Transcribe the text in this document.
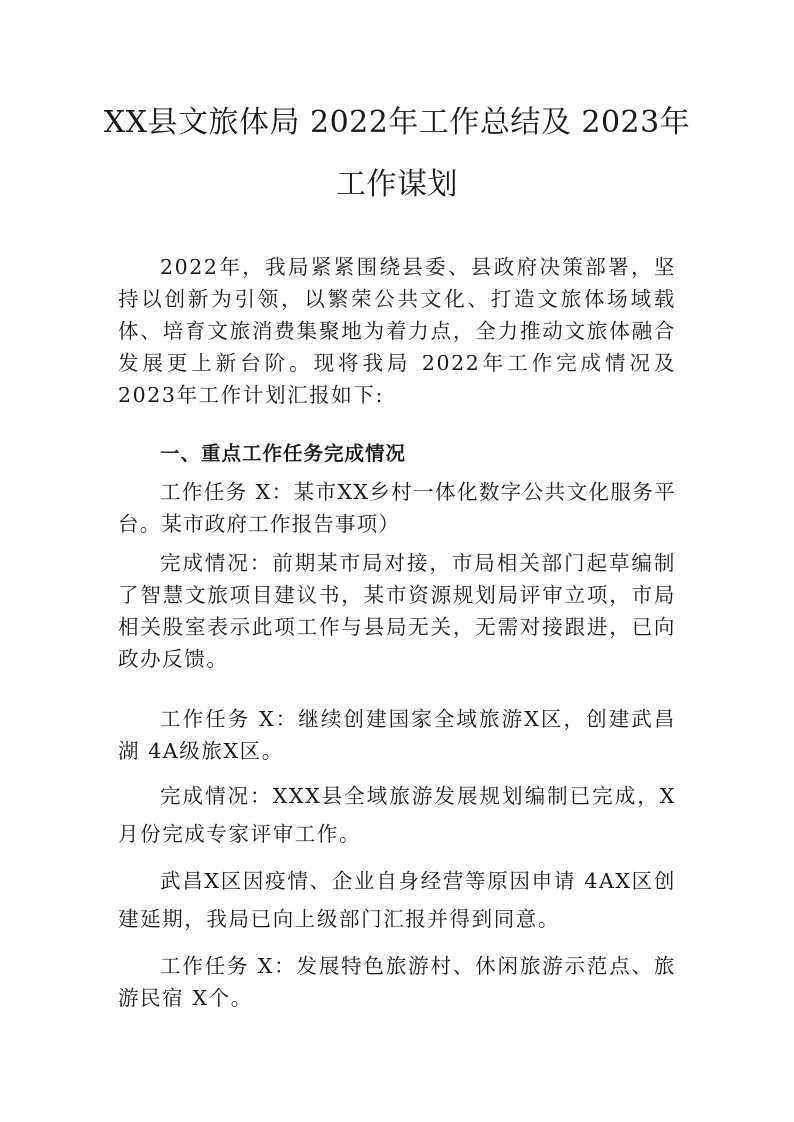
XX县文旅体局 2022年工作总结及 2023年
工作谋划

2022年，我局紧紧围绕县委、县政府决策部署，坚持以创新为引领，以繁荣公共文化、打造文旅体场域载体、培育文旅消费集聚地为着力点，全力推动文旅体融合发展更上新台阶。现将我局 2022年工作完成情况及 2023年工作计划汇报如下:

一、重点工作任务完成情况

工作任务 X：某市XX乡村一体化数字公共文化服务平台。某市政府工作报告事项）

完成情况：前期某市局对接，市局相关部门起草编制了智慧文旅项目建议书，某市资源规划局评审立项，市局相关股室表示此项工作与县局无关，无需对接跟进，已向政办反馈。

工作任务 X：继续创建国家全域旅游X区，创建武昌湖 4A级旅X区。

完成情况：XXX县全域旅游发展规划编制已完成，X月份完成专家评审工作。

武昌X区因疫情、企业自身经营等原因申请 4AX区创建延期，我局已向上级部门汇报并得到同意。

工作任务 X：发展特色旅游村、休闲旅游示范点、旅游民宿 X个。
